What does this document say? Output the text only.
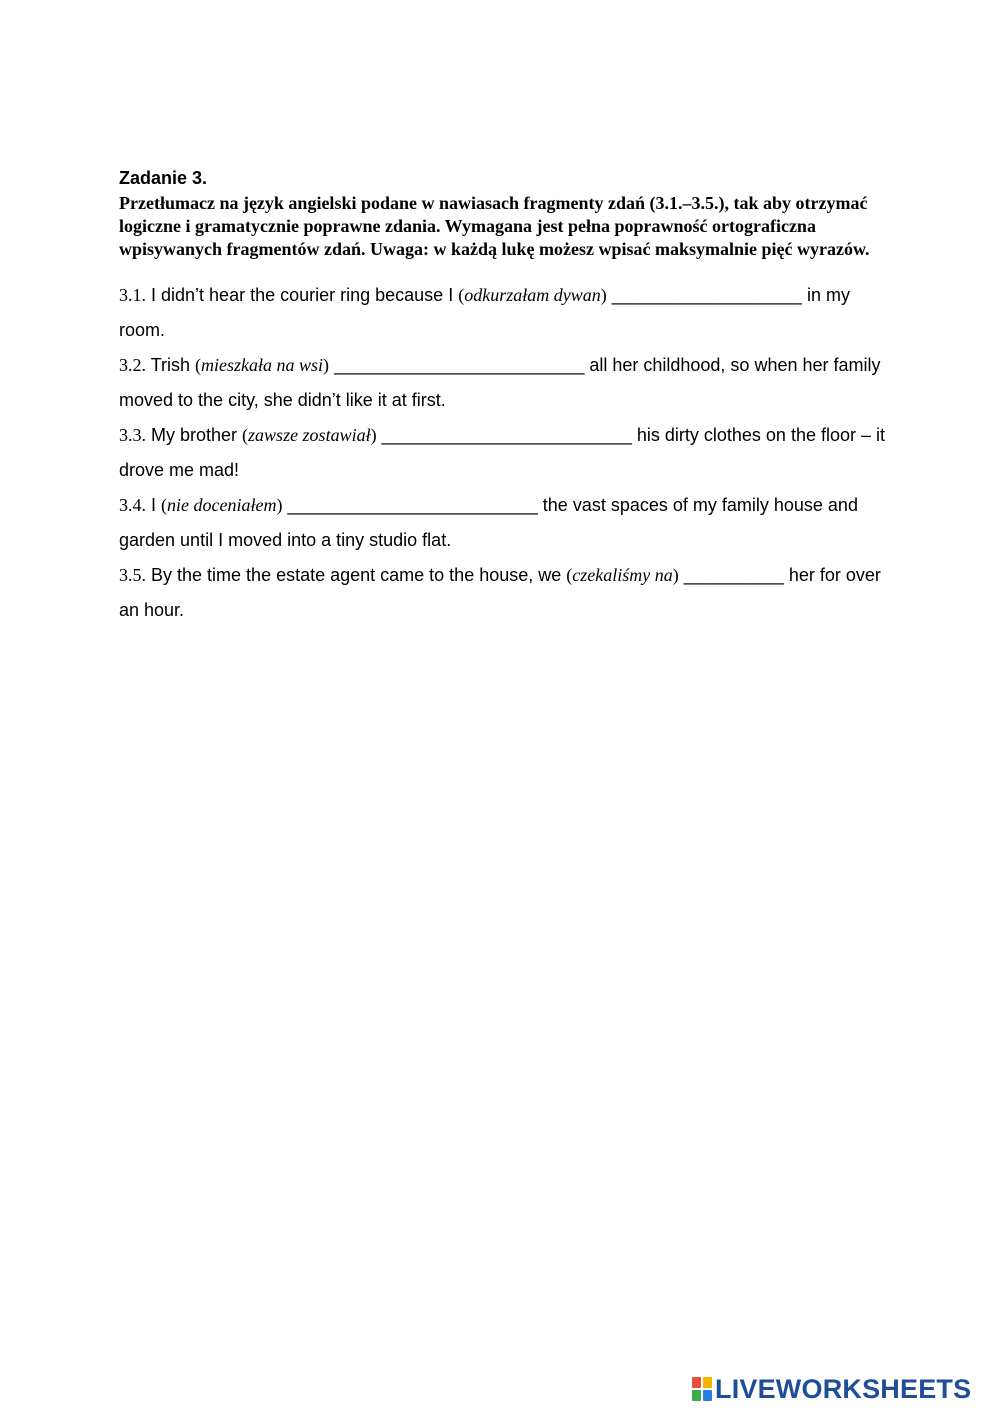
Zadanie 3.

Przetłumacz na język angielski podane w nawiasach fragmenty zdań (3.1.–3.5.), tak aby otrzymać logiczne i gramatycznie poprawne zdania. Wymagana jest pełna poprawność ortograficzna wpisywanych fragmentów zdań. Uwaga: w każdą lukę możesz wpisać maksymalnie pięć wyrazów.

3.1. I didn’t hear the courier ring because I (odkurzałam dywan) ___________________ in my room.
3.2. Trish (mieszkała na wsi) _________________________ all her childhood, so when her family moved to the city, she didn’t like it at first.
3.3. My brother (zawsze zostawiał) _________________________ his dirty clothes on the floor – it drove me mad!
3.4. I (nie doceniałem) _________________________ the vast spaces of my family house and garden until I moved into a tiny studio flat.
3.5. By the time the estate agent came to the house, we (czekaliśmy na) __________ her for over an hour.
LIVEWORKSHEETS
